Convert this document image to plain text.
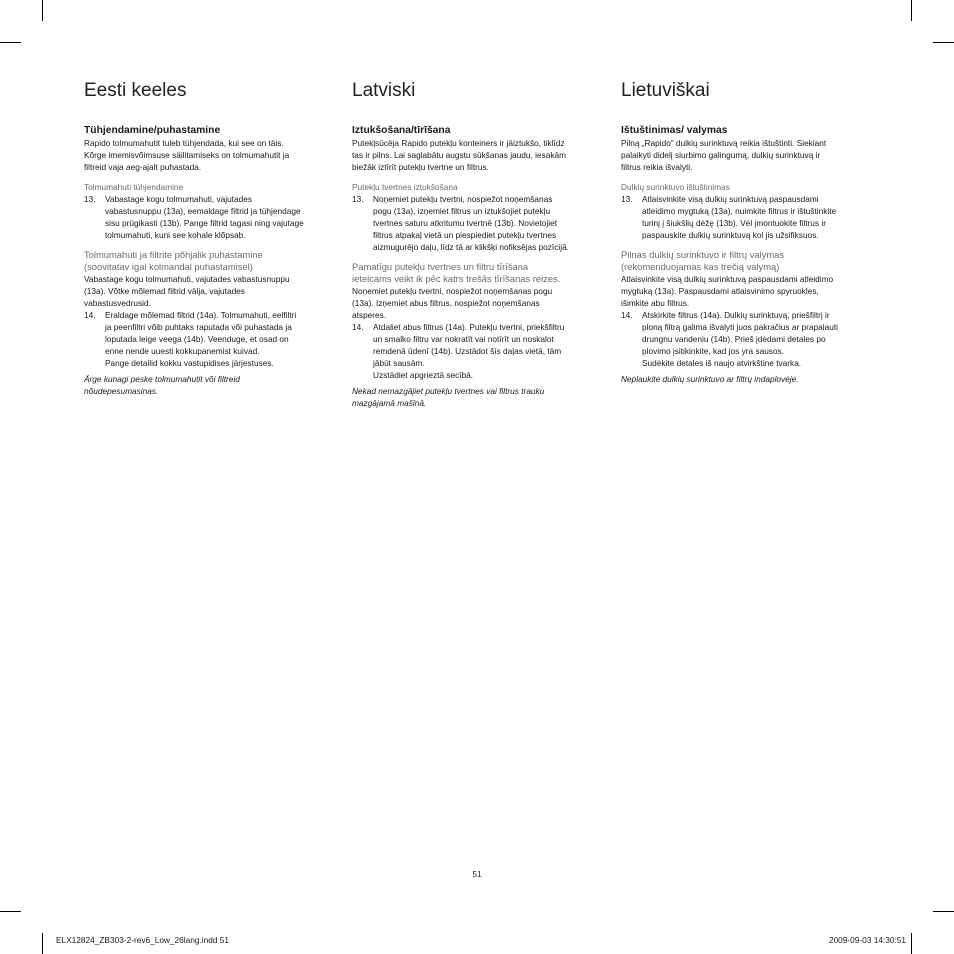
Eesti keeles
Tühjendamine/puhastamine
Rapido tolmumahutit tuleb tühjendada, kui see on täis.
Kõrge imemisvõimsuse säilitamiseks on tolmumahutit ja
filtreid vaja aeg-ajalt puhastada.
Tolmumahuti tühjendamine
13. Vabastage kogu tolmumahuti, vajutades
vabastusnuppu (13a), eemaldage filtrid ja tühjendage
sisu prügikasti (13b). Pange filtrid tagasi ning vajutage
tolmumahuti, kuni see kohale klõpsab.
Tolmumahuti ja filtrite põhjalik puhastamine
(soovitatav igal kolmandal puhastamisel)
Vabastage kogu tolmumahuti, vajutades vabastusnuppu
(13a). Võtke mõlemad filtrid välja, vajutades
vabastusvedrusid.
14. Eraldage mõlemad filtrid (14a). Tolmumahuti, eelfiltri
ja peenfiltri võib puhtaks raputada või puhastada ja
loputada leige veega (14b). Veenduge, et osad on
enne nende uuesti kokkupanemist kuivad.
Pange detailid kokku vastupidises järjestuses.
Ärge kunagi peske tolmumahutit või filtreid
nõudepesumasinas.
Latviski
Iztukšošana/tīrīšana
Putekļsūcēja Rapido putekļu konteiners ir jāiztukšo, tiklīdz
tas ir pilns. Lai saglabātu augstu sūkšanas jaudu, iesakām
biežāk iztīrīt putekļu tvertne un filtrus.
Putekļu tvertnes iztukšošana
13. Noņemiet putekļu tvertni, nospiežot noņemšanas
pogu (13a), izņemiet filtrus un iztukšojiet putekļu
tvertnes saturu atkritumu tvertnē (13b). Novietojiet
filtrus atpakaļ vietā un piespiediet putekļu tvertnes
aizmugurējo daļu, līdz tā ar klikšķi nofiksējas pozīcijā.
Pamatīgu putekļu tvertnes un filtru tīrīšana
ieteicams veikt ik pēc katrs trešās tīrīšanas reizes.
Noņemiet putekļu tvertni, nospiežot noņemšanas pogu
(13a). Izņemiet abus filtrus, nospiežot noņemšanas
atsperes.
14. Atdaliet abus filtrus (14a). Putekļu tvertni, priekšfiltru
un smalko filtru var nokratīt vai notīrīt un noskalot
remdenā ūdenī (14b). Uzstādot šīs daļas vietā, tām
jābūt sausām.
Uzstādiet apgrieztā secībā.
Nekad nemazgājiet putekļu tvertnes vai filtrus trauku
mazgājamā mašīnā.
Lietuviškai
Ištuštinimas/ valymas
Pilną „Rapido“ dulkių surinktuvą reikia ištuštinti. Siekiant
palaikyti didelį siurbimo galingumą, dulkių surinktuvą ir
filtrus reikia išvalyti.
Dulkių surinktuvo ištuštinimas
13. Atlaisvinkite visą dulkių surinktuvą paspausdami
atleidimo mygtuką (13a), nuimkite filtrus ir ištuštinkite
turinį į šiukšlių dėžę (13b). Vėl įmontuokite filtrus ir
paspauskite dulkių surinktuvą kol jis užsifiksuos.
Pilnas dulkių surinktuvo ir filtrų valymas
(rekomenduojamas kas trečią valymą)
Atlaisvinkite visą dulkių surinktuvą paspausdami atleidimo
mygtuką (13a). Paspausdami atlaisvinimo spyruokles,
išimkite abu filtrus.
14. Atskirkite filtrus (14a). Dulkių surinktuvą, priešfiltrį ir
ploną filtrą galima išvalyti juos pakračius ar prapalauti
drungnu vandeniu (14b). Prieš įdėdami detales po
plovimo įsitikinkite, kad jos yra sausos.
Sudėkite detales iš naujo atvirkštine tvarka.
Neplaukite dulkių surinktuvo ar filtrų indaplovėje.
51
ELX12824_ZB303-2-rev6_Low_26lang.indd 51	2009-09-03 14:30:51
